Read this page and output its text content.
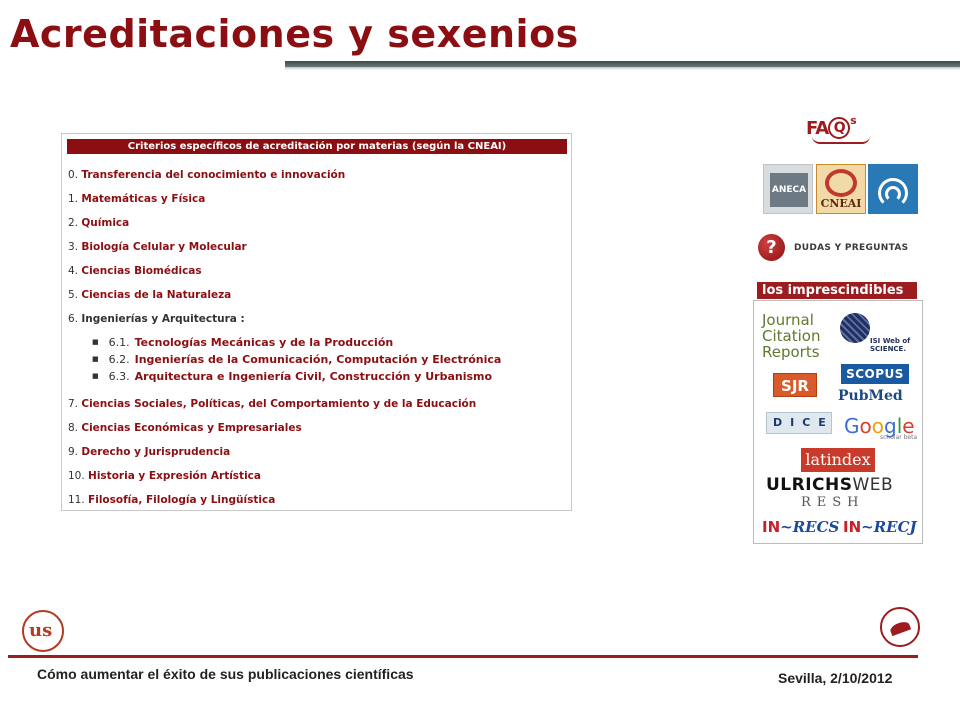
Acreditaciones y sexenios
Criterios específicos de acreditación por materias (según la CNEAI)
0. Transferencia del conocimiento e innovación
1. Matemáticas y Física
2. Química
3. Biología Celular y Molecular
4. Ciencias Biomédicas
5. Ciencias de la Naturaleza
6. Ingenierías y Arquitectura :
■ 6.1. Tecnologías Mecánicas y de la Producción
■ 6.2. Ingenierías de la Comunicación, Computación y Electrónica
■ 6.3. Arquitectura e Ingeniería Civil, Construcción y Urbanismo
7. Ciencias Sociales, Políticas, del Comportamiento y de la Educación
8. Ciencias Económicas y Empresariales
9. Derecho y Jurisprudencia
10. Historia y Expresión Artística
11. Filosofía, Filología y Lingüística
FA Q $^s$
ANECA
CNEAI
?	DUDAS Y PREGUNTAS
los imprescindibles
Journal Citation Reports
ISI Web of SCIENCE.
SJR
SCOPUS
PubMed
DICE Google
scholar beta
latindex
ULRICHSWEB
RESH
IN~RECS IN~RECJ
us
Cómo aumentar el éxito de sus publicaciones científicas	Sevilla, 2/10/2012
